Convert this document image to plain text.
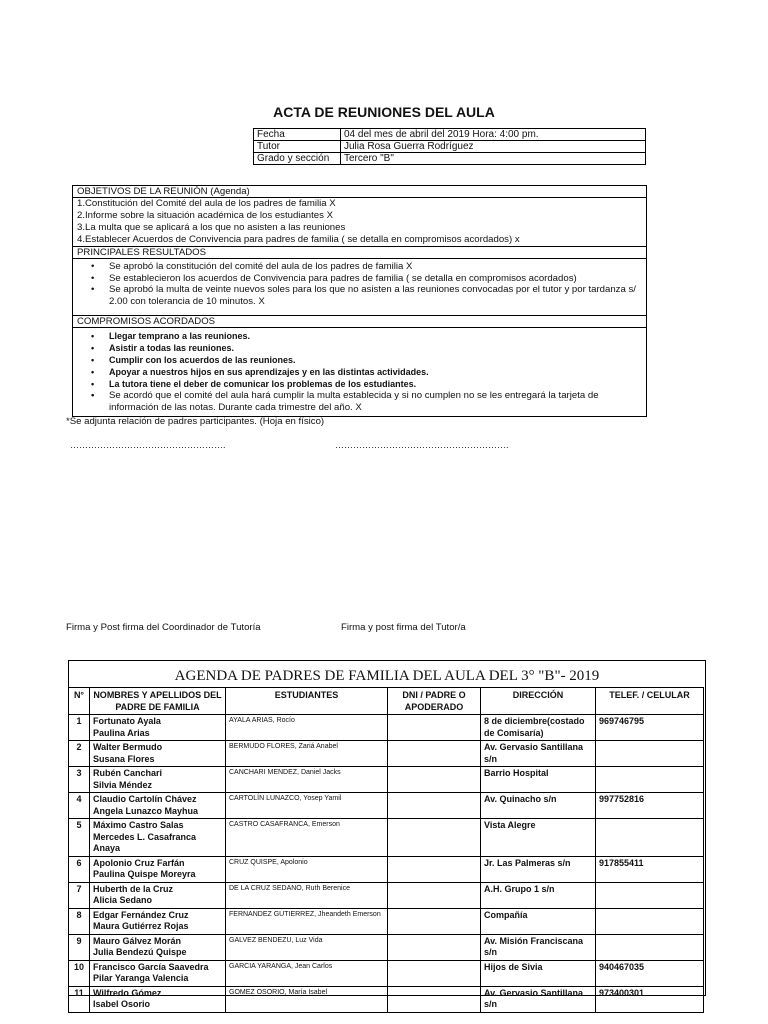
ACTA DE REUNIONES DEL AULA
Fecha	04 del mes de abril del 2019 Hora: 4:00 pm.
Tutor	Julia Rosa Guerra Rodríguez
Grado y sección	Tercero "B"
OBJETIVOS DE LA REUNIÓN (Agenda)
1.Constitución del Comité del aula de los padres de familia X
2.Informe sobre la situación académica de los estudiantes X
3.La multa que se aplicará a los que no asisten a las reuniones
4.Establecer Acuerdos de Convivencia para padres de familia ( se detalla en compromisos acordados) x
PRINCIPALES RESULTADOS
• Se aprobó la constitución del comité del aula de los padres de familia X
• Se establecieron los acuerdos de Convivencia para padres de familia ( se detalla en compromisos acordados)
• Se aprobó la multa de veinte nuevos soles para los que no asisten a las reuniones convocadas por el tutor y por tardanza s/ 2.00 con tolerancia de 10 minutos. X
COMPROMISOS ACORDADOS
• Llegar temprano a las reuniones.
• Asistir a todas las reuniones.
• Cumplir con los acuerdos de las reuniones.
• Apoyar a nuestros hijos en sus aprendizajes y en las distintas actividades.
• La tutora tiene el deber de comunicar los problemas de los estudiantes.
• Se acordó que el comité del aula hará cumplir la multa establecida y si no cumplen no se les entregará la tarjeta de información de las notas. Durante cada trimestre del año. X
*Se adjunta relación de padres participantes. (Hoja en físico)
…………………………………………….	………………………………………………….
Firma y Post firma del Coordinador de Tutoría	Firma y post firma del Tutor/a
AGENDA DE PADRES DE FAMILIA DEL AULA DEL 3° "B"- 2019
N°	NOMBRES Y APELLIDOS DEL PADRE DE FAMILIA	ESTUDIANTES	DNI / PADRE O APODERADO	DIRECCIÓN	TELEF. / CELULAR
1	Fortunato Ayala
Paulina Arias	AYALA ARIAS, Rocío		8 de diciembre(costado de Comisaría)	969746795
2	Walter Bermudo
Susana Flores	BERMUDO FLORES, Zariá Anabel		Av. Gervasio Santillana s/n	
3	Rubén Canchari
Silvia Méndez	CANCHARI MENDEZ, Daniel Jacks		Barrio Hospital	
4	Claudio Cartolín Chávez
Angela Lunazco Mayhua	CARTOLÍN LUNAZCO, Yosep Yamil		Av. Quinacho s/n	997752816
5	Máximo Castro Salas
Mercedes L. Casafranca Anaya	CASTRO CASAFRANCA, Emerson		Vista Alegre	
6	Apolonio Cruz Farfán
Paulina Quispe Moreyra	CRUZ QUISPE, Apolonio		Jr. Las Palmeras s/n	917855411
7	Huberth de la Cruz
Alicia Sedano	DE LA CRUZ SEDANO, Ruth Berenice		A.H. Grupo 1 s/n	
8	Edgar Fernández Cruz
Maura Gutiérrez Rojas	FERNANDEZ GUTIERREZ, Jheandeth Emerson		Compañía	
9	Mauro Gálvez Morán
Julia Bendezú Quispe	GALVEZ BENDEZU, Luz Vida		Av. Misión Franciscana s/n	
10	Francisco García Saavedra
Pilar Yaranga Valencia	GARCIA YARANGA, Jean Carlos		Hijos de Sivia	940467035
11	Wilfredo Gómez
Isabel Osorio	GOMEZ OSORIO, María Isabel		Av. Gervasio Santillana s/n	973400301
